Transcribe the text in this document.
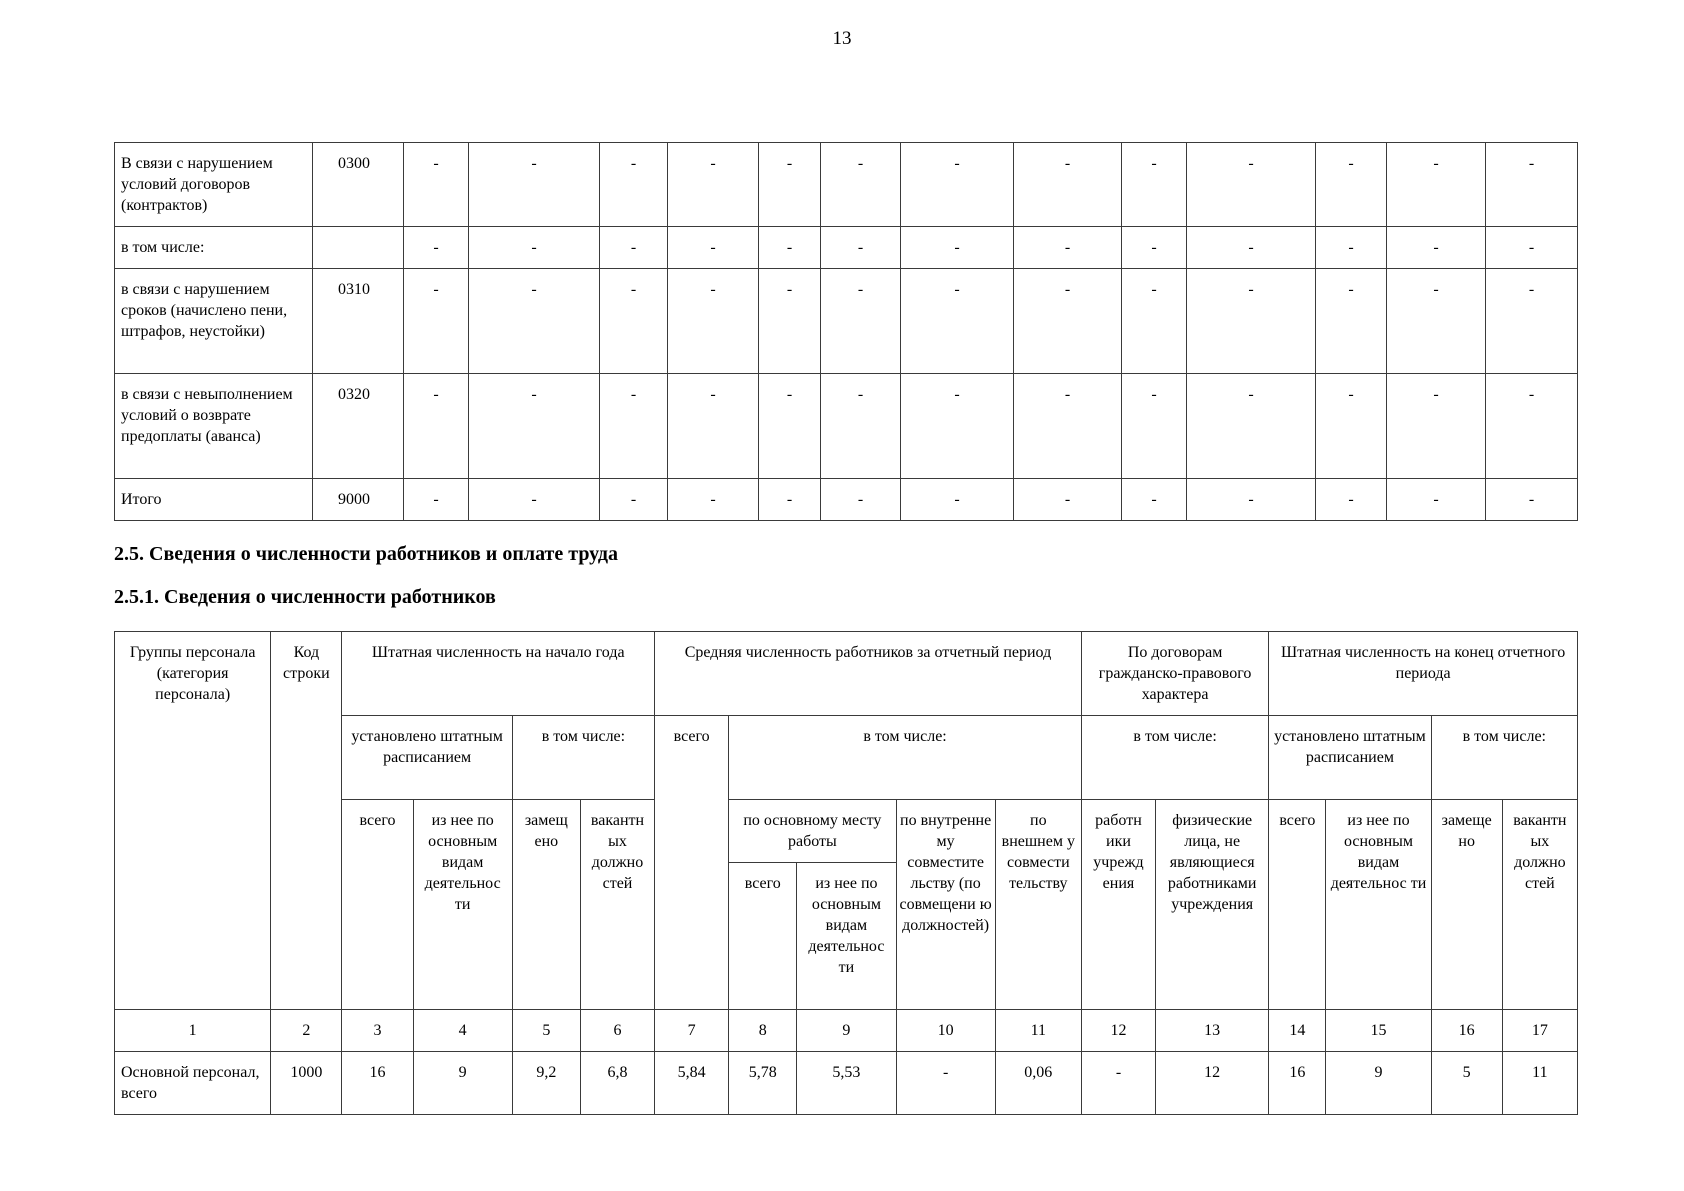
13
В связи с нарушением условий договоров (контрактов)	0300	-	-	-	-	-	-	-	-	-	-	-	-	-
в том числе:		-	-	-	-	-	-	-	-	-	-	-	-	-
в связи с нарушением сроков (начислено пени, штрафов, неустойки)	0310	-	-	-	-	-	-	-	-	-	-	-	-	-
в связи с невыполнением условий о возврате предоплаты (аванса)	0320	-	-	-	-	-	-	-	-	-	-	-	-	-
Итого	9000	-	-	-	-	-	-	-	-	-	-	-	-	-
2.5. Сведения о численности работников и оплате труда
2.5.1. Сведения о численности работников
Группы персонала (категория персонала)	Код строки	Штатная численность на начало года				Средняя численность работников за отчетный период					По договорам гражданско-правового характера		Штатная численность на конец отчетного периода			
		установлено штатным расписанием		в том числе:		всего	в том числе:				в том числе:		установлено штатным расписанием		в том числе:	
		всего	из нее по основным видам деятельнос ти	замещ ено	вакантн ых должно стей		по основному месту работы		по внутренне му совместите льству (по совмещени ю должностей)	по внешнем у совмести тельству	работн ики учрежд ения	физические лица, не являющиеся работниками учреждения	всего	из нее по основным видам деятельнос ти	замеще но	вакантн ых должно стей
							всего	из нее по основным видам деятельнос ти								
1	2	3	4	5	6	7	8	9	10	11	12	13	14	15	16	17
Основной персонал, всего	1000	16	9	9,2	6,8	5,84	5,78	5,53	-	0,06	-	12	16	9	5	11
